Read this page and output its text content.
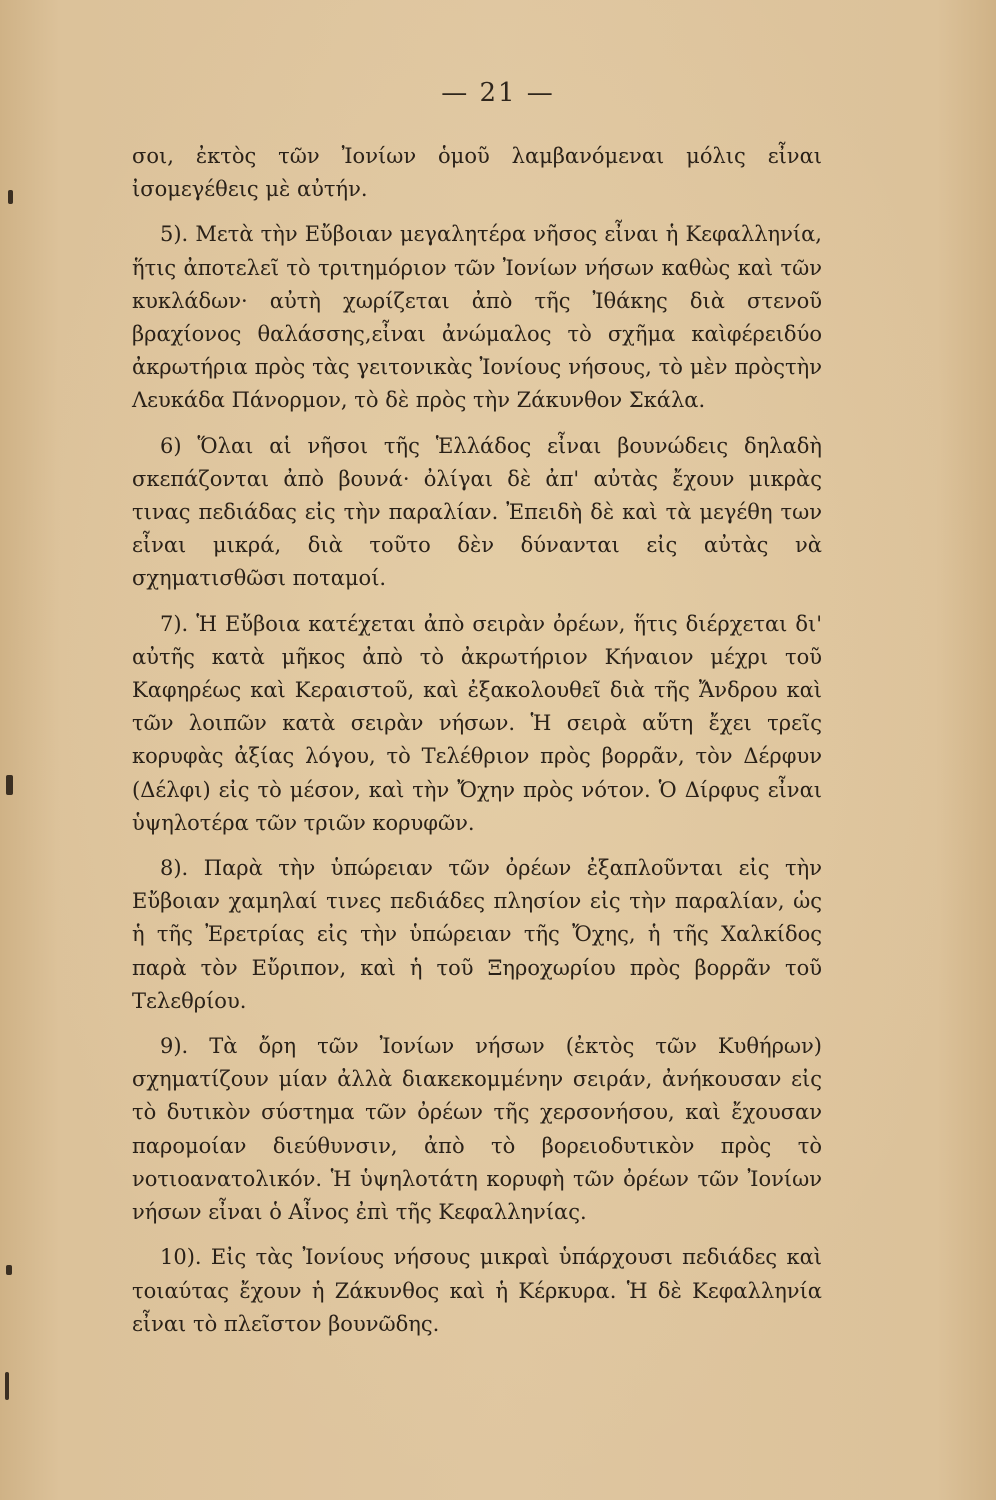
— 21 —

σοι, ἐκτὸς τῶν Ἰονίων ὁμοῦ λαμβανόμεναι μόλις εἶναι ἰσομεγέθεις μὲ αὐτήν.

5). Μετὰ τὴν Εὔβοιαν μεγαλητέρα νῆσος εἶναι ἡ Κεφαλληνία, ἥτις ἀποτελεῖ τὸ τριτημόριον τῶν Ἰονίων νήσων καθὼς καὶ τῶν κυκλάδων· αὐτὴ χωρίζεται ἀπὸ τῆς Ἰθάκης διὰ στενοῦ βραχίονος θαλάσσης,εἶναι ἀνώμαλος τὸ σχῆμα καὶφέρειδύο ἀκρωτήρια πρὸς τὰς γειτονικὰς Ἰονίους νήσους, τὸ μὲν πρὸςτὴν Λευκάδα Πάνορμον, τὸ δὲ πρὸς τὴν Ζάκυνθον Σκάλα.

6) Ὅλαι αἱ νῆσοι τῆς Ἑλλάδος εἶναι βουνώδεις δηλαδὴ σκεπάζονται ἀπὸ βουνά· ὀλίγαι δὲ ἀπ' αὐτὰς ἔχουν μικρὰς τινας πεδιάδας εἰς τὴν παραλίαν. Ἐπειδὴ δὲ καὶ τὰ μεγέθη των εἶναι μικρά, διὰ τοῦτο δὲν δύνανται εἰς αὐτὰς νὰ σχηματισθῶσι ποταμοί.

7). Ἡ Εὔβοια κατέχεται ἀπὸ σειρὰν ὀρέων, ἥτις διέρχεται δι' αὐτῆς κατὰ μῆκος ἀπὸ τὸ ἀκρωτήριον Κήναιον μέχρι τοῦ Καφηρέως καὶ Κεραιστοῦ, καὶ ἐξακολουθεῖ διὰ τῆς Ἄνδρου καὶ τῶν λοιπῶν κατὰ σειρὰν νήσων. Ἡ σειρὰ αὕτη ἔχει τρεῖς κορυφὰς ἀξίας λόγου, τὸ Τελέθριον πρὸς βορρᾶν, τὸν Δέρφυν (Δέλφι) εἰς τὸ μέσον, καὶ τὴν Ὄχην πρὸς νότον. Ὁ Δίρφυς εἶναι ὑψηλοτέρα τῶν τριῶν κορυφῶν.

8). Παρὰ τὴν ὑπώρειαν τῶν ὀρέων ἐξαπλοῦνται εἰς τὴν Εὔβοιαν χαμηλαί τινες πεδιάδες πλησίον εἰς τὴν παραλίαν, ὡς ἡ τῆς Ἐρετρίας εἰς τὴν ὑπώρειαν τῆς Ὄχης, ἡ τῆς Χαλκίδος παρὰ τὸν Εὔριπον, καὶ ἡ τοῦ Ξηροχωρίου πρὸς βορρᾶν τοῦ Τελεθρίου.

9). Τὰ ὄρη τῶν Ἰονίων νήσων (ἐκτὸς τῶν Κυθήρων) σχηματίζουν μίαν ἀλλὰ διακεκομμένην σειράν, ἀνήκουσαν εἰς τὸ δυτικὸν σύστημα τῶν ὀρέων τῆς χερσονήσου, καὶ ἔχουσαν παρομοίαν διεύθυνσιν, ἀπὸ τὸ βορειοδυτικὸν πρὸς τὸ νοτιοανατολικόν. Ἡ ὑψηλοτάτη κορυφὴ τῶν ὀρέων τῶν Ἰονίων νήσων εἶναι ὁ Αἶνος ἐπὶ τῆς Κεφαλληνίας.

10). Εἰς τὰς Ἰονίους νήσους μικραὶ ὑπάρχουσι πεδιάδες καὶ τοιαύτας ἔχουν ἡ Ζάκυνθος καὶ ἡ Κέρκυρα. Ἡ δὲ Κεφαλληνία εἶναι τὸ πλεῖστον βουνῶδης.
